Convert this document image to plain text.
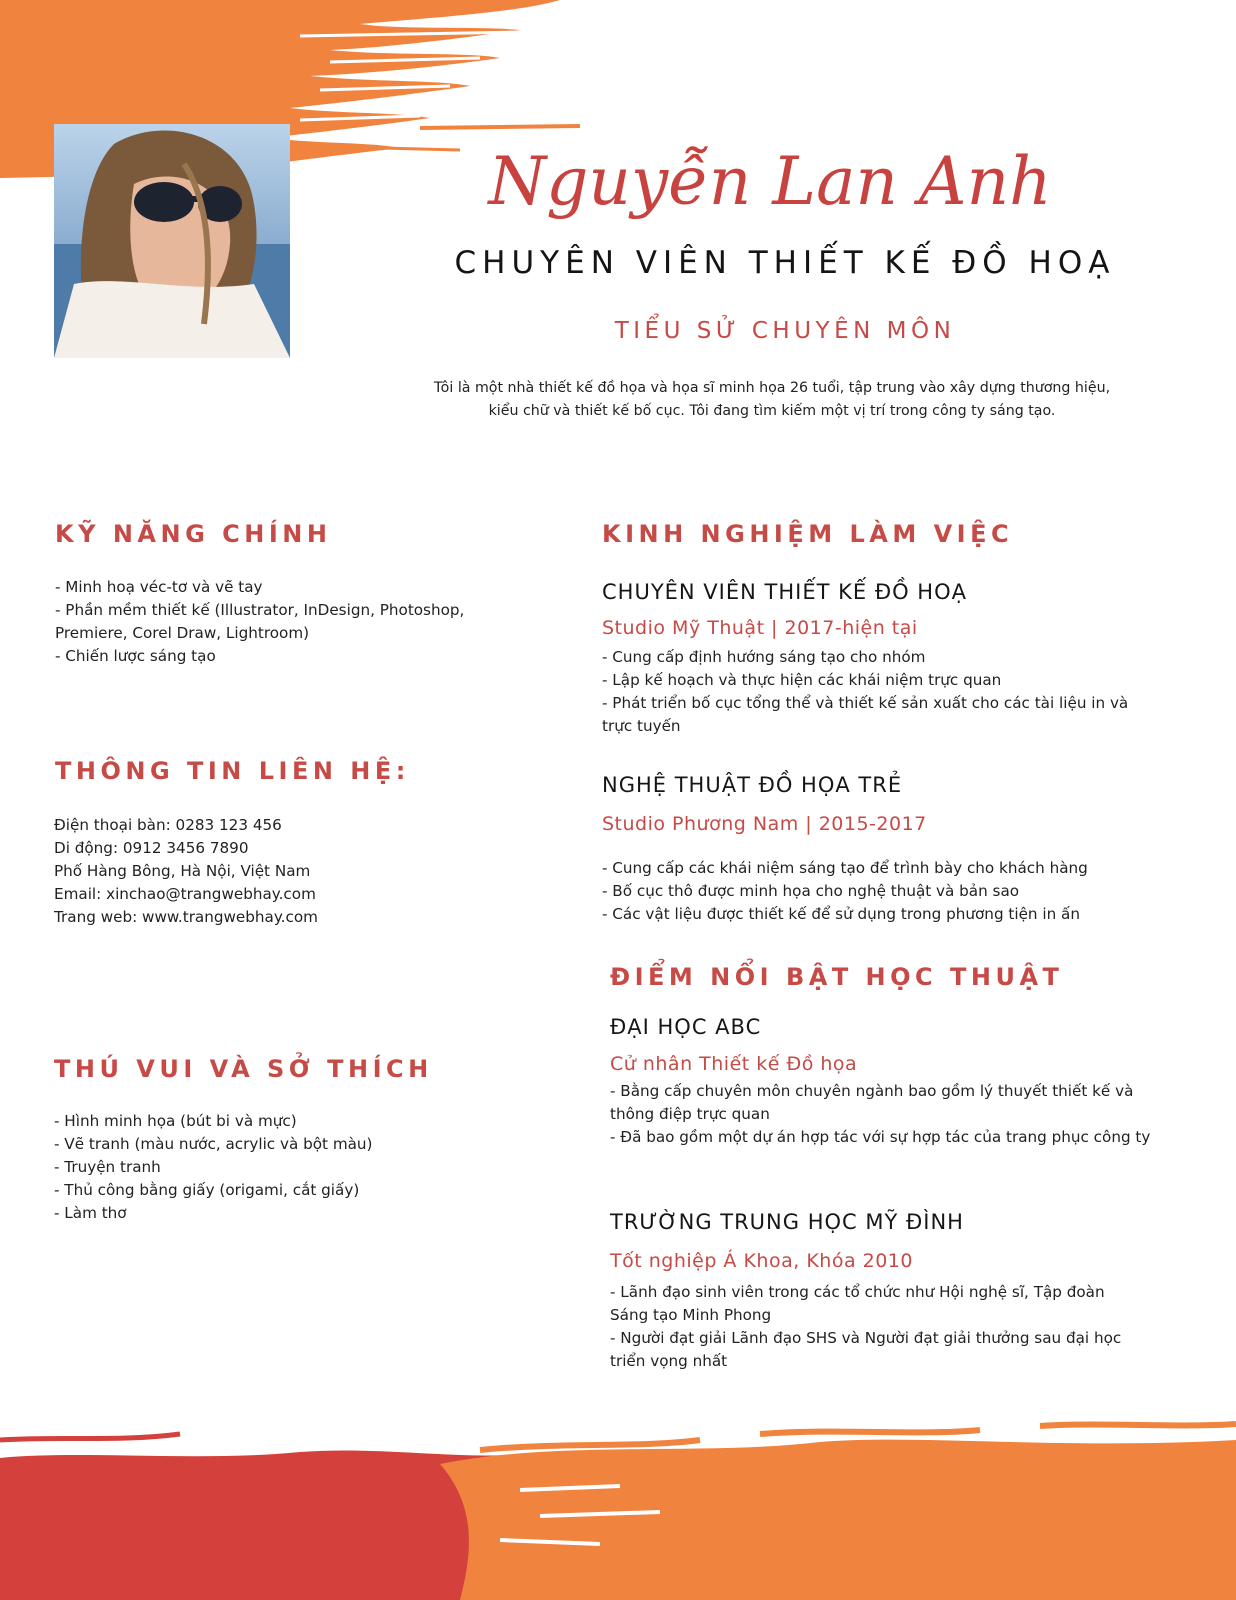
Nguyễn Lan Anh
CHUYÊN VIÊN THIẾT KẾ ĐỒ HOẠ
TIỂU SỬ CHUYÊN MÔN
Tôi là một nhà thiết kế đồ họa và họa sĩ minh họa 26 tuổi, tập trung vào xây dựng thương hiệu,
kiểu chữ và thiết kế bố cục. Tôi đang tìm kiếm một vị trí trong công ty sáng tạo.
KỸ NĂNG CHÍNH
- Minh hoạ véc-tơ và vẽ tay
- Phần mềm thiết kế (Illustrator, InDesign, Photoshop,
Premiere, Corel Draw, Lightroom)
- Chiến lược sáng tạo
THÔNG TIN LIÊN HỆ:
Điện thoại bàn: 0283 123 456
Di động: 0912 3456 7890
Phố Hàng Bông, Hà Nội, Việt Nam
Email: xinchao@trangwebhay.com
Trang web: www.trangwebhay.com
THÚ VUI VÀ SỞ THÍCH
- Hình minh họa (bút bi và mực)
- Vẽ tranh (màu nước, acrylic và bột màu)
- Truyện tranh
- Thủ công bằng giấy (origami, cắt giấy)
- Làm thơ
KINH NGHIỆM LÀM VIỆC
CHUYÊN VIÊN THIẾT KẾ ĐỒ HOẠ
Studio Mỹ Thuật | 2017-hiện tại
- Cung cấp định hướng sáng tạo cho nhóm
- Lập kế hoạch và thực hiện các khái niệm trực quan
- Phát triển bố cục tổng thể và thiết kế sản xuất cho các tài liệu in và
trực tuyến
NGHỆ THUẬT ĐỒ HỌA TRẺ
Studio Phương Nam | 2015-2017
- Cung cấp các khái niệm sáng tạo để trình bày cho khách hàng
- Bố cục thô được minh họa cho nghệ thuật và bản sao
- Các vật liệu được thiết kế để sử dụng trong phương tiện in ấn
ĐIỂM NỔI BẬT HỌC THUẬT
ĐẠI HỌC ABC
Cử nhân Thiết kế Đồ họa
- Bằng cấp chuyên môn chuyên ngành bao gồm lý thuyết thiết kế và
thông điệp trực quan
- Đã bao gồm một dự án hợp tác với sự hợp tác của trang phục công ty
TRƯỜNG TRUNG HỌC MỸ ĐÌNH
Tốt nghiệp Á Khoa, Khóa 2010
- Lãnh đạo sinh viên trong các tổ chức như Hội nghệ sĩ, Tập đoàn
Sáng tạo Minh Phong
- Người đạt giải Lãnh đạo SHS và Người đạt giải thưởng sau đại học
triển vọng nhất
